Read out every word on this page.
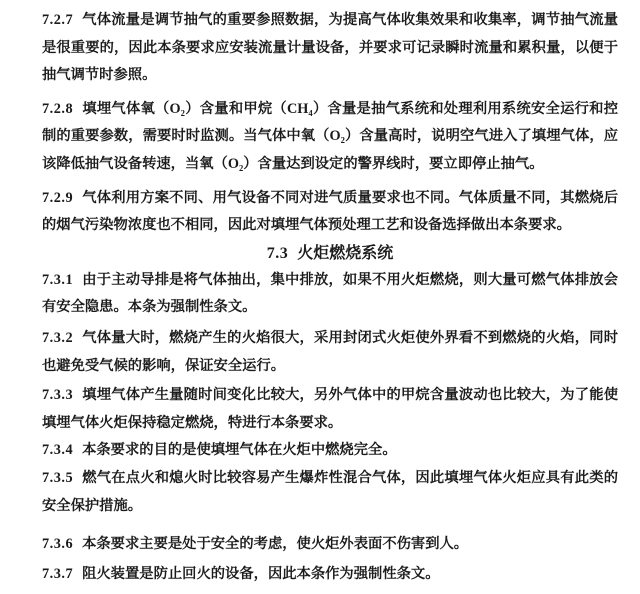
7.2.7 气体流量是调节抽气的重要参照数据，为提高气体收集效果和收集率，调节抽气流量是很重要的，因此本条要求应安装流量计量设备，并要求可记录瞬时流量和累积量，以便于抽气调节时参照。

7.2.8 填埋气体氧（O₂）含量和甲烷（CH₄）含量是抽气系统和处理利用系统安全运行和控制的重要参数，需要时时监测。当气体中氧（O₂）含量高时，说明空气进入了填埋气体，应该降低抽气设备转速，当氧（O₂）含量达到设定的警界线时，要立即停止抽气。

7.2.9 气体利用方案不同、用气设备不同对进气质量要求也不同。气体质量不同，其燃烧后的烟气污染物浓度也不相同，因此对填埋气体预处理工艺和设备选择做出本条要求。

7.3 火炬燃烧系统

7.3.1 由于主动导排是将气体抽出，集中排放，如果不用火炬燃烧，则大量可燃气体排放会有安全隐患。本条为强制性条文。

7.3.2 气体量大时，燃烧产生的火焰很大，采用封闭式火炬使外界看不到燃烧的火焰，同时也避免受气候的影响，保证安全运行。

7.3.3 填埋气体产生量随时间变化比较大，另外气体中的甲烷含量波动也比较大，为了能使填埋气体火炬保持稳定燃烧，特进行本条要求。

7.3.4 本条要求的目的是使填埋气体在火炬中燃烧完全。

7.3.5 燃气在点火和熄火时比较容易产生爆炸性混合气体，因此填埋气体火炬应具有此类的安全保护措施。

7.3.6 本条要求主要是处于安全的考虑，使火炬外表面不伤害到人。

7.3.7 阻火装置是防止回火的设备，因此本条作为强制性条文。
